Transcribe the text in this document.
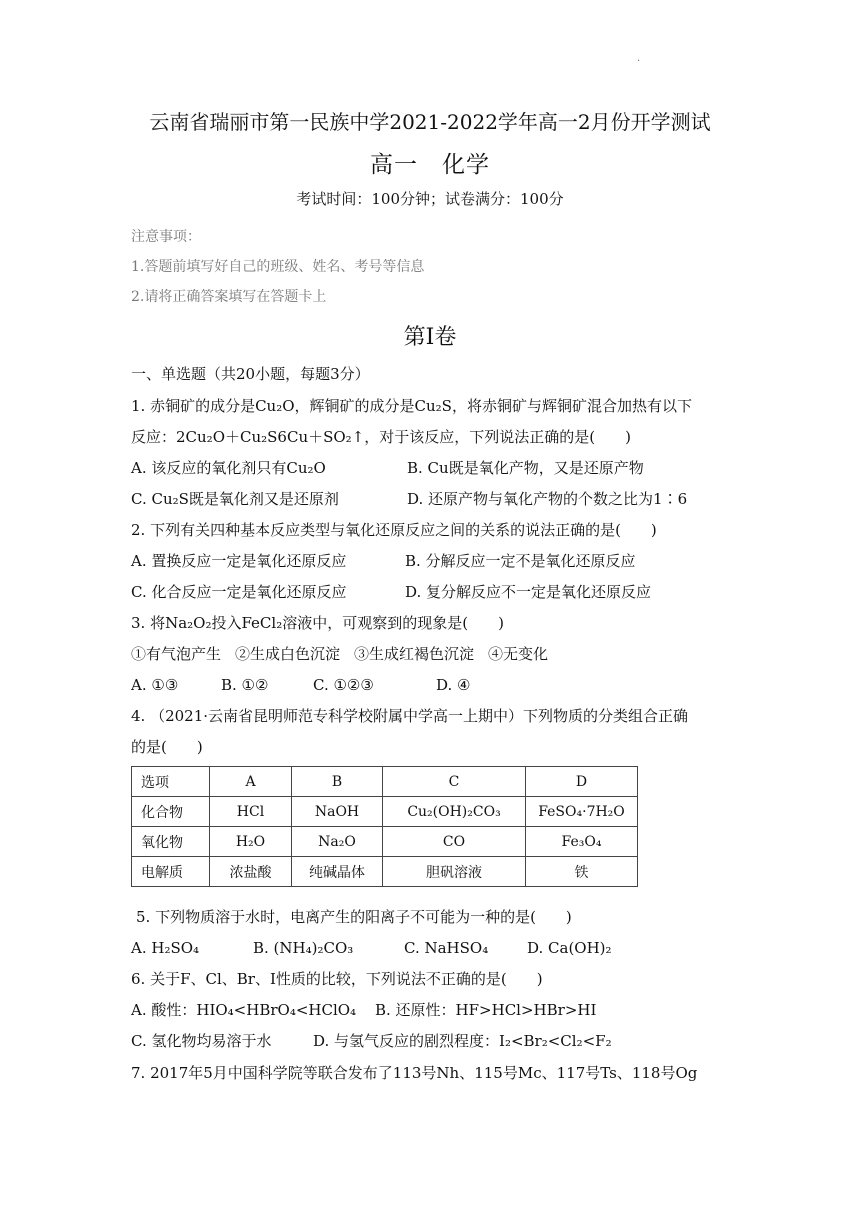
·
云南省瑞丽市第一民族中学2021-2022学年高一2月份开学测试
高一　化学
考试时间：100分钟；试卷满分：100分
注意事项：
1.答题前填写好自己的班级、姓名、考号等信息
2.请将正确答案填写在答题卡上
第Ⅰ卷
一、单选题（共20小题，每题3分）
1. 赤铜矿的成分是Cu₂O，辉铜矿的成分是Cu₂S，将赤铜矿与辉铜矿混合加热有以下
反应：2Cu₂O＋Cu₂S6Cu＋SO₂↑，对于该反应，下列说法正确的是(　　)
A. 该反应的氧化剂只有Cu₂O	B. Cu既是氧化产物，又是还原产物
C. Cu₂S既是氧化剂又是还原剂	D. 还原产物与氧化产物的个数之比为1∶6
2. 下列有关四种基本反应类型与氧化还原反应之间的关系的说法正确的是(　　)
A. 置换反应一定是氧化还原反应	B. 分解反应一定不是氧化还原反应
C. 化合反应一定是氧化还原反应	D. 复分解反应不一定是氧化还原反应
3. 将Na₂O₂投入FeCl₂溶液中，可观察到的现象是(　　)
①有气泡产生 ②生成白色沉淀 ③生成红褐色沉淀 ④无变化
A. ①③	B. ①②	C. ①②③	D. ④
4. （2021·云南省昆明师范专科学校附属中学高一上期中）下列物质的分类组合正确
的是(　　)
选项	A	B	C	D
化合物	HCl	NaOH	Cu₂(OH)₂CO₃	FeSO₄·7H₂O
氧化物	H₂O	Na₂O	CO	Fe₃O₄
电解质	浓盐酸	纯碱晶体	胆矾溶液	铁
5. 下列物质溶于水时，电离产生的阳离子不可能为一种的是(　　)
A. H₂SO₄	B. (NH₄)₂CO₃	C. NaHSO₄	D. Ca(OH)₂
6. 关于F、Cl、Br、I性质的比较，下列说法不正确的是(　　)
A. 酸性：HIO₄<HBrO₄<HClO₄ B. 还原性：HF>HCl>HBr>HI
C. 氢化物均易溶于水	D. 与氢气反应的剧烈程度：I₂<Br₂<Cl₂<F₂
7. 2017年5月中国科学院等联合发布了113号Nh、115号Mc、117号Ts、118号Og
